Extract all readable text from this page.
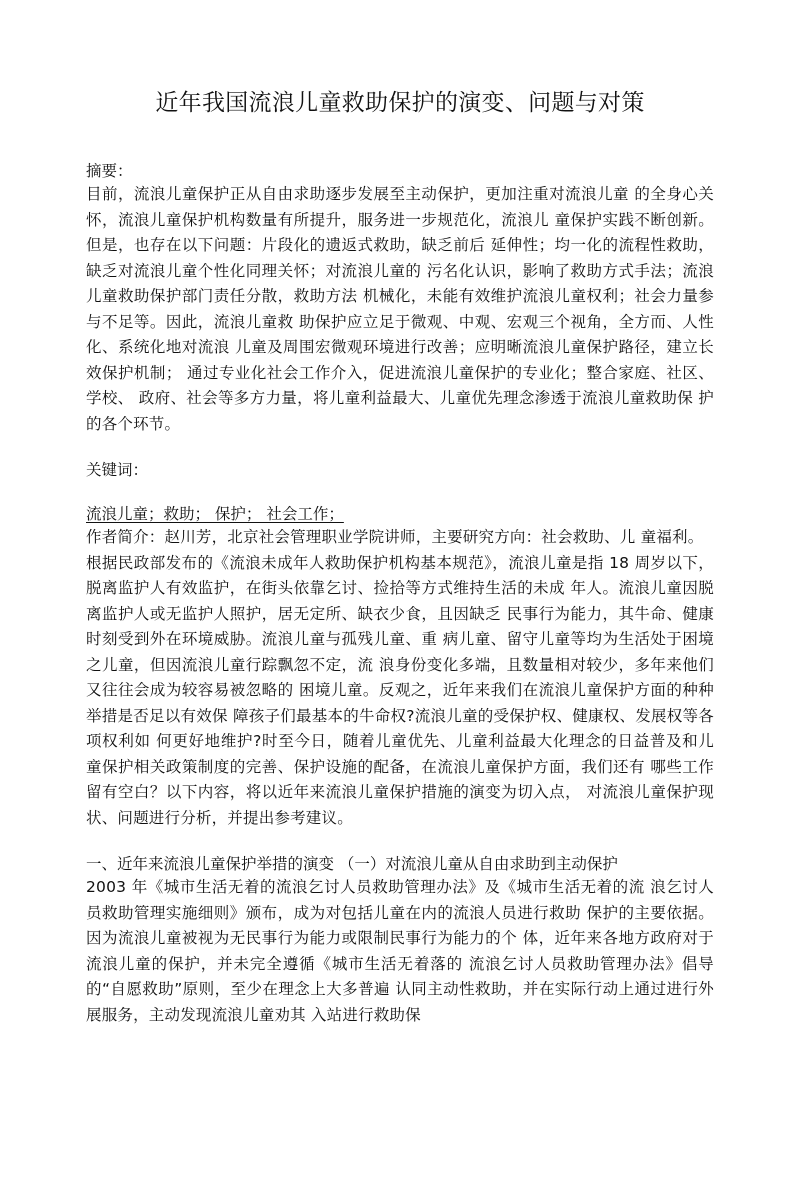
近年我国流浪儿童救助保护的演变、问题与对策
摘要：

目前，流浪儿童保护正从自由求助逐步发展至主动保护，更加注重对流浪儿童 的全身心关怀，流浪儿童保护机构数量有所提升，服务进一步规范化，流浪儿 童保护实践不断创新。但是，也存在以下问题：片段化的遗返式救助，缺乏前后 延伸性；均一化的流程性救助，缺乏对流浪儿童个性化同理关怀；对流浪儿童的 污名化认识，影响了救助方式手法；流浪儿童救助保护部门责任分散，救助方法 机械化，未能有效维护流浪儿童权利；社会力量参与不足等。因此，流浪儿童救 助保护应立足于微观、中观、宏观三个视角，全方而、人性化、系统化地对流浪 儿童及周围宏微观环境进行改善；应明晰流浪儿童保护路径，建立长效保护机制； 通过专业化社会工作介入，促进流浪儿童保护的专业化；整合家庭、社区、学校、 政府、社会等多方力量，将儿童利益最大、儿童优先理念渗透于流浪儿童救助保 护的各个环节。

关键词：
流浪儿童；救助； 保护； 社会工作；

作者简介：赵川芳，北京社会管理职业学院讲师，主要研究方向：社会救助、儿 童福利。

根据民政部发布的《流浪未成年人救助保护机构基本规范》，流浪儿童是指 18 周岁以下，脱离监护人有效监护，在街头依靠乞讨、捡拾等方式维持生活的未成 年人。流浪儿童因脱离监护人或无监护人照护，居无定所、缺衣少食，且因缺乏 民事行为能力，其牛命、健康时刻受到外在环境威胁。流浪儿童与孤残儿童、重 病儿童、留守儿童等均为生活处于困境之儿童，但因流浪儿童行踪飘忽不定，流 浪身份变化多端，且数量相对较少，多年来他们又往往会成为较容易被忽略的 困境儿童。反观之，近年来我们在流浪儿童保护方面的种种举措是否足以有效保 障孩子们最基本的牛命权?流浪儿童的受保护权、健康权、发展权等各项权利如 何更好地维护?时至今日，随着儿童优先、儿童利益最大化理念的日益普及和儿 童保护相关政策制度的完善、保护设施的配备，在流浪儿童保护方面，我们还有 哪些工作留有空白？以下内容，将以近年来流浪儿童保护措施的演变为切入点， 对流浪儿童保护现状、问题进行分析，并提出参考建议。

一、近年来流浪儿童保护举措的演变 （一）对流浪儿童从自由求助到主动保护

2003 年《城市生活无着的流浪乞讨人员救助管理办法》及《城市生活无着的流 浪乞讨人员救助管理实施细则》颁布，成为对包括儿童在内的流浪人员进行救助 保护的主要依据。因为流浪儿童被视为无民事行为能力或限制民事行为能力的个 体，近年来各地方政府对于流浪儿童的保护，并未完全遵循《城市生活无着落的 流浪乞讨人员救助管理办法》倡导的“自愿救助”原则，至少在理念上大多普遍 认同主动性救助，并在实际行动上通过进行外展服务，主动发现流浪儿童劝其 入站进行救助保
